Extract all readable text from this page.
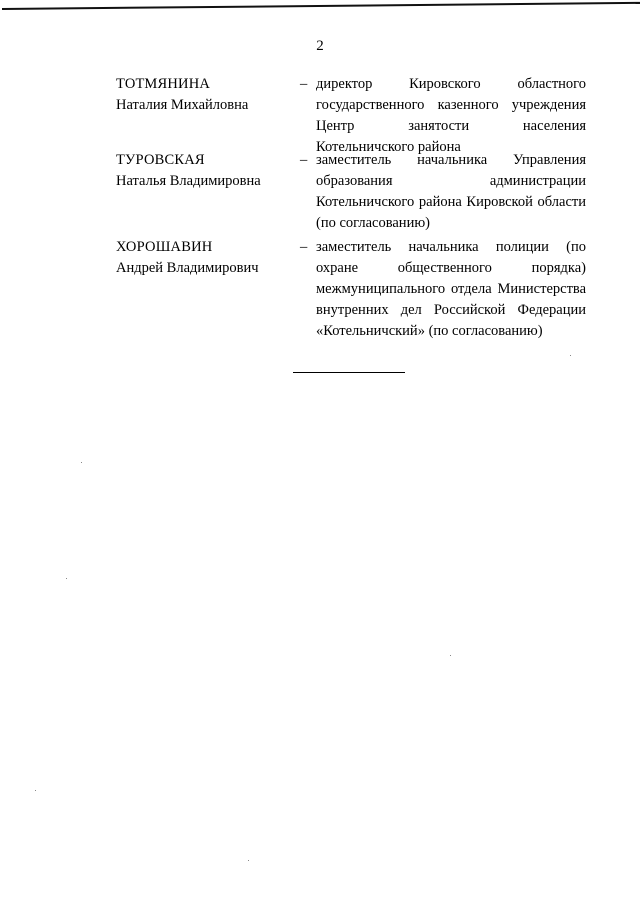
2
ТОТМЯНИНА
Наталия Михайловна
– директор Кировского областного государственного казенного учреждения Центр занятости населения Котельничского района
ТУРОВСКАЯ
Наталья Владимировна
– заместитель начальника Управления образования администрации Котельничского района Кировской области (по согласованию)
ХОРОШАВИН
Андрей Владимирович
– заместитель начальника полиции (по охране общественного порядка) межмуниципального отдела Министерства внутренних дел Российской Федерации «Котельничский» (по согласованию)
